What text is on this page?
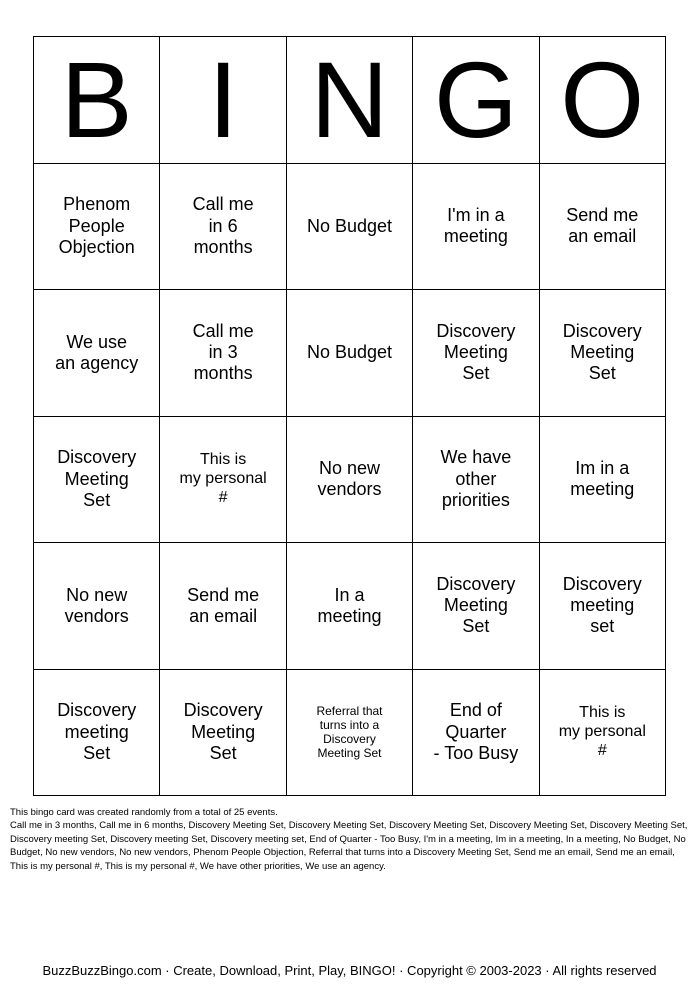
B I N G O
Phenom
People
Objection
Call me
in 6
months
No Budget
I'm in a
meeting
Send me
an email
We use
an agency
Call me
in 3
months
No Budget
Discovery
Meeting
Set
Discovery
Meeting
Set
Discovery
Meeting
Set
This is
my personal
#
No new
vendors
We have
other
priorities
Im in a
meeting
No new
vendors
Send me
an email
In a
meeting
Discovery
Meeting
Set
Discovery
meeting
set
Discovery
meeting
Set
Discovery
Meeting
Set
Referral that
turns into a
Discovery
Meeting Set
End of
Quarter
- Too Busy
This is
my personal
#

This bingo card was created randomly from a total of 25 events.

Call me in 3 months, Call me in 6 months, Discovery Meeting Set, Discovery Meeting Set, Discovery Meeting Set, Discovery Meeting Set, Discovery Meeting Set, Discovery meeting Set, Discovery meeting Set, Discovery meeting set, End of Quarter - Too Busy, I'm in a meeting, Im in a meeting, In a meeting, No Budget, No Budget, No new vendors, No new vendors, Phenom People Objection, Referral that turns into a Discovery Meeting Set, Send me an email, Send me an email, This is my personal #, This is my personal #, We have other priorities, We use an agency.

BuzzBuzzBingo.com · Create, Download, Print, Play, BINGO! · Copyright © 2003-2023 · All rights reserved
